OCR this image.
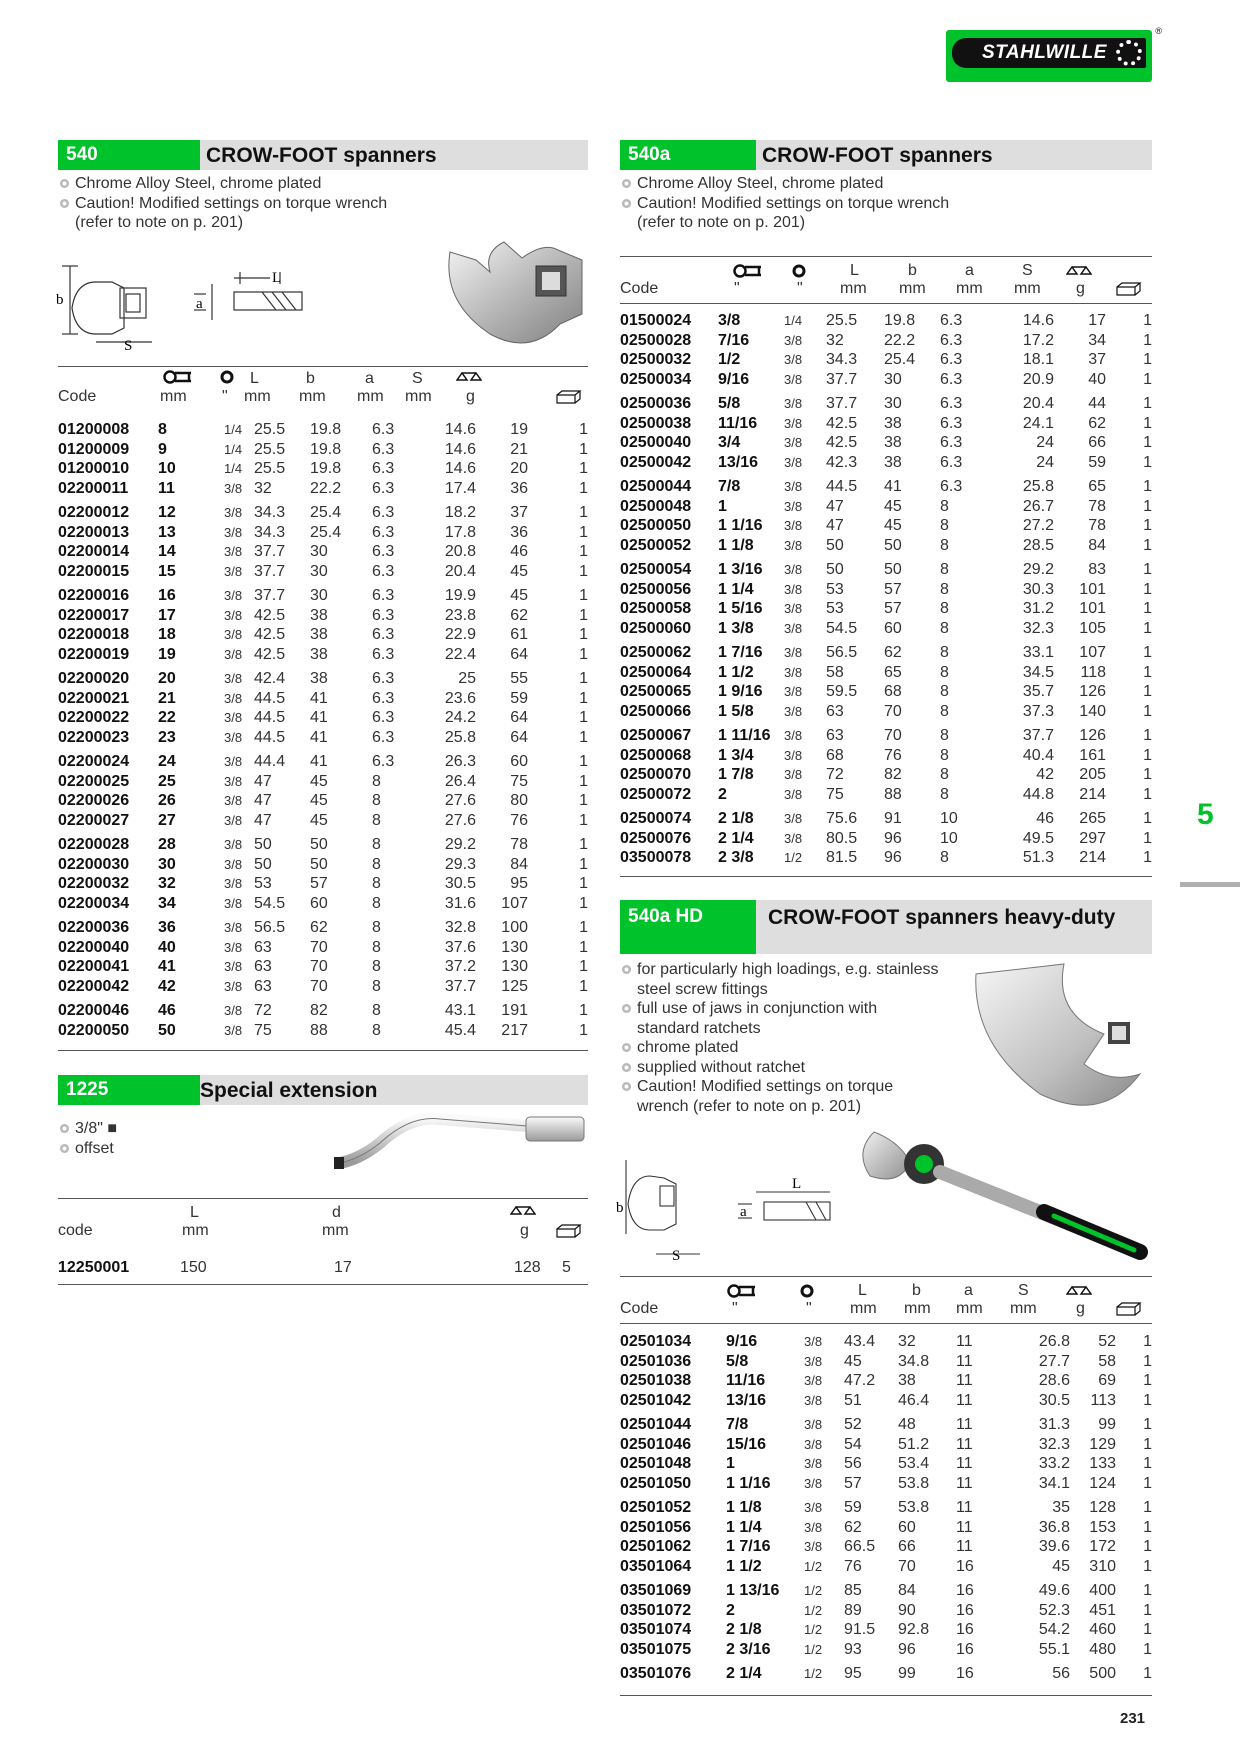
STAHLWILLE
®
540	CROW-FOOT spanners
Chrome Alloy Steel, chrome plated
Caution! Modified settings on torque wrench
(refer to note on p. 201)
b
S
L
a
L	b	a S
Code	mm " mm mm mm mm g
01200008	8	1/4	25.5	19.8	6.3	14.6	19	1
01200009	9	1/4	25.5	19.8	6.3	14.6	21	1
01200010	10	1/4	25.5	19.8	6.3	14.6	20	1
02200011	11	3/8	32	22.2	6.3	17.4	36	1
02200012	12	3/8	34.3	25.4	6.3	18.2	37	1
02200013	13	3/8	34.3	25.4	6.3	17.8	36	1
02200014	14	3/8	37.7	30	6.3	20.8	46	1
02200015	15	3/8	37.7	30	6.3	20.4	45	1
02200016	16	3/8	37.7	30	6.3	19.9	45	1
02200017	17	3/8	42.5	38	6.3	23.8	62	1
02200018	18	3/8	42.5	38	6.3	22.9	61	1
02200019	19	3/8	42.5	38	6.3	22.4	64	1
02200020	20	3/8	42.4	38	6.3	25	55	1
02200021	21	3/8	44.5	41	6.3	23.6	59	1
02200022	22	3/8	44.5	41	6.3	24.2	64	1
02200023	23	3/8	44.5	41	6.3	25.8	64	1
02200024	24	3/8	44.4	41	6.3	26.3	60	1
02200025	25	3/8	47	45	8	26.4	75	1
02200026	26	3/8	47	45	8	27.6	80	1
02200027	27	3/8	47	45	8	27.6	76	1
02200028	28	3/8	50	50	8	29.2	78	1
02200030	30	3/8	50	50	8	29.3	84	1
02200032	32	3/8	53	57	8	30.5	95	1
02200034	34	3/8	54.5	60	8	31.6	107	1
02200036	36	3/8	56.5	62	8	32.8	100	1
02200040	40	3/8	63	70	8	37.6	130	1
02200041	41	3/8	63	70	8	37.2	130	1
02200042	42	3/8	63	70	8	37.7	125	1
02200046	46	3/8	72	82	8	43.1	191	1
02200050	50	3/8	75	88	8	45.4	217	1
1225	Special extension
3/8" ■
offset
L	d
code	mm	mm	g
12250001	150	17	128	5
540a	CROW-FOOT spanners
Chrome Alloy Steel, chrome plated
Caution! Modified settings on torque wrench
(refer to note on p. 201)
L	b	a	S
Code	"	" mm mm mm mm g
01500024	3/8	1/4	25.5	19.8	6.3	14.6	17	1
02500028	7/16	3/8	32	22.2	6.3	17.2	34	1
02500032	1/2	3/8	34.3	25.4	6.3	18.1	37	1
02500034	9/16	3/8	37.7	30	6.3	20.9	40	1
02500036	5/8	3/8	37.7	30	6.3	20.4	44	1
02500038	11/16	3/8	42.5	38	6.3	24.1	62	1
02500040	3/4	3/8	42.5	38	6.3	24	66	1
02500042	13/16	3/8	42.3	38	6.3	24	59	1
02500044	7/8	3/8	44.5	41	6.3	25.8	65	1
02500048	1	3/8	47	45	8	26.7	78	1
02500050	1 1/16	3/8	47	45	8	27.2	78	1
02500052	1 1/8	3/8	50	50	8	28.5	84	1
02500054	1 3/16	3/8	50	50	8	29.2	83	1
02500056	1 1/4	3/8	53	57	8	30.3	101	1
02500058	1 5/16	3/8	53	57	8	31.2	101	1
02500060	1 3/8	3/8	54.5	60	8	32.3	105	1
02500062	1 7/16	3/8	56.5	62	8	33.1	107	1
02500064	1 1/2	3/8	58	65	8	34.5	118	1
02500065	1 9/16	3/8	59.5	68	8	35.7	126	1
02500066	1 5/8	3/8	63	70	8	37.3	140	1
02500067	1 11/16	3/8	63	70	8	37.7	126	1
02500068	1 3/4	3/8	68	76	8	40.4	161	1
02500070	1 7/8	3/8	72	82	8	42	205	1
02500072	2	3/8	75	88	8	44.8	214	1
02500074	2 1/8	3/8	75.6	91	10	46	265	1
02500076	2 1/4	3/8	80.5	96	10	49.5	297	1
03500078	2 3/8	1/2	81.5	96	8	51.3	214	1
540a HD	CROW-FOOT spanners heavy-duty
for particularly high loadings, e.g. stainless
steel screw fittings
full use of jaws in conjunction with
standard ratchets
chrome plated
supplied without ratchet
Caution! Modified settings on torque
wrench (refer to note on p. 201)
b
S
L
a
L	b	a	S
Code	"	" mm mm mm mm g
02501034	9/16	3/8	43.4	32	11	26.8	52	1
02501036	5/8	3/8	45	34.8	11	27.7	58	1
02501038	11/16	3/8	47.2	38	11	28.6	69	1
02501042	13/16	3/8	51	46.4	11	30.5	113	1
02501044	7/8	3/8	52	48	11	31.3	99	1
02501046	15/16	3/8	54	51.2	11	32.3	129	1
02501048	1	3/8	56	53.4	11	33.2	133	1
02501050	1 1/16	3/8	57	53.8	11	34.1	124	1
02501052	1 1/8	3/8	59	53.8	11	35	128	1
02501056	1 1/4	3/8	62	60	11	36.8	153	1
02501062	1 7/16	3/8	66.5	66	11	39.6	172	1
03501064	1 1/2	1/2	76	70	16	45	310	1
03501069	1 13/16	1/2	85	84	16	49.6	400	1
03501072	2	1/2	89	90	16	52.3	451	1
03501074	2 1/8	1/2	91.5	92.8	16	54.2	460	1
03501075	2 3/16	1/2	93	96	16	55.1	480	1
03501076	2 1/4	1/2	95	99	16	56	500	1
5
231
